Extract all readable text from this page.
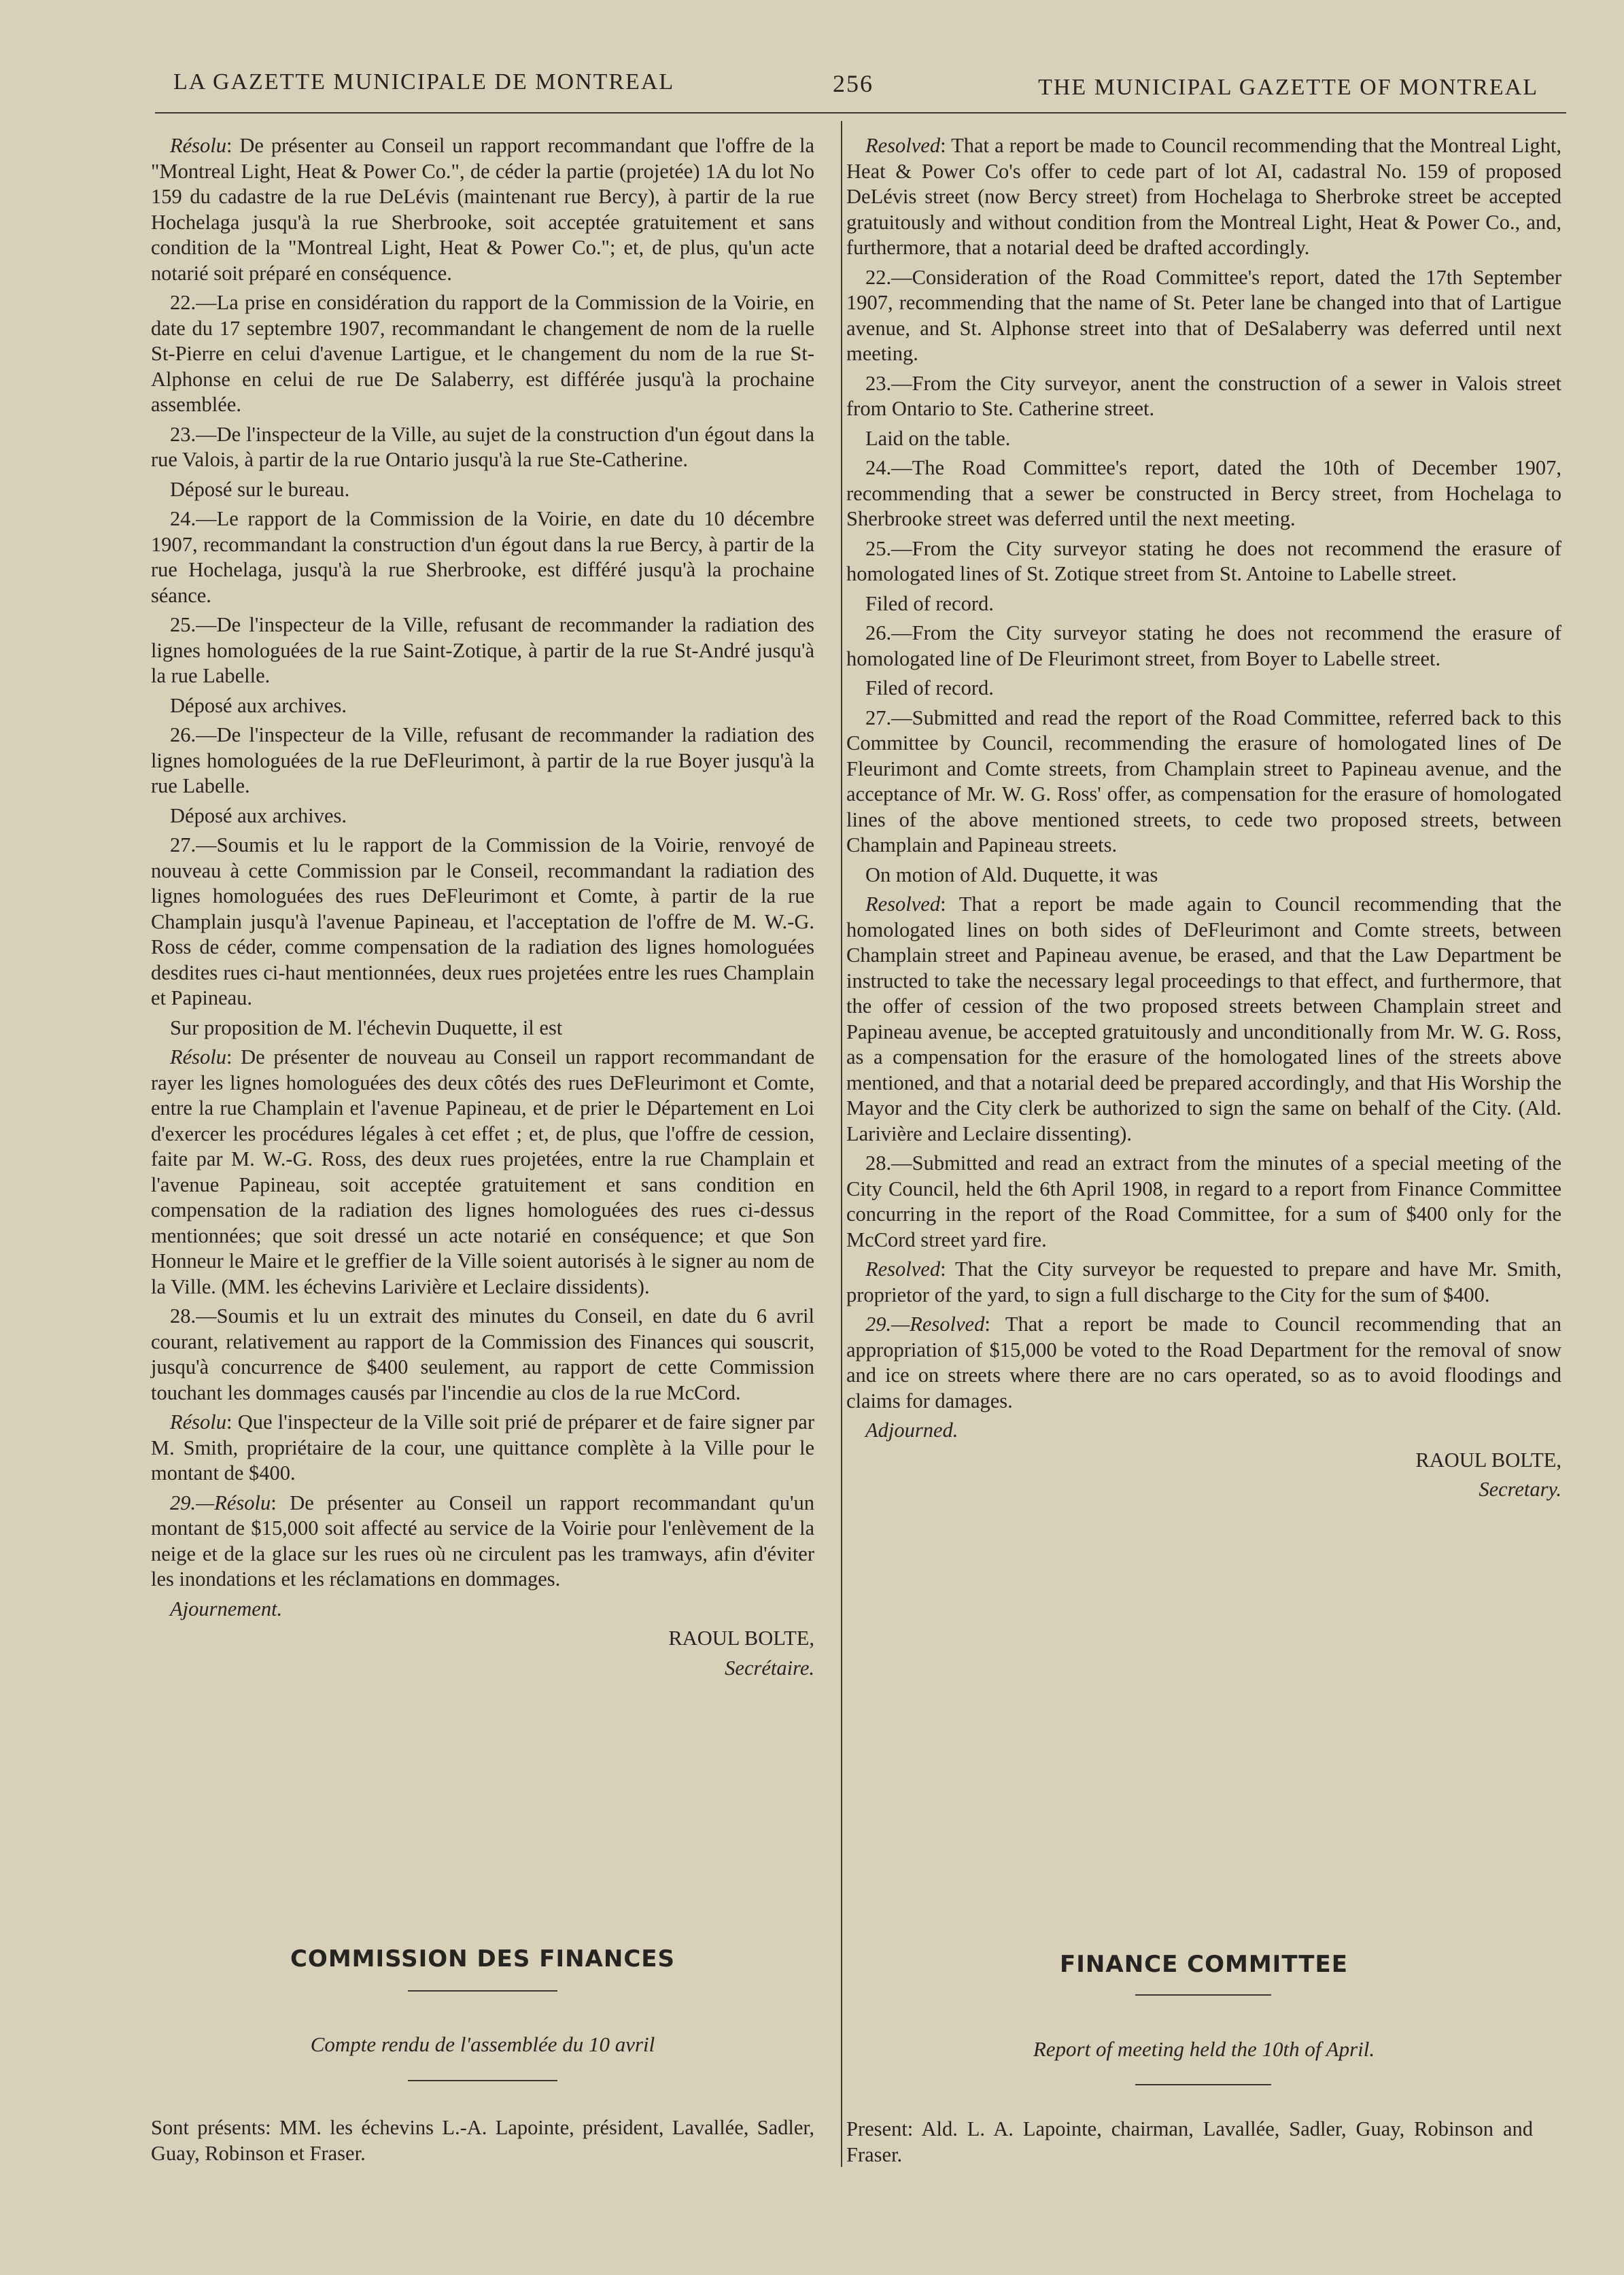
LA GAZETTE MUNICIPALE DE MONTREAL	256	THE MUNICIPAL GAZETTE OF MONTREAL

Résolu: De présenter au Conseil un rapport recommandant que l'offre de la "Montreal Light, Heat & Power Co.", de céder la partie (projetée) 1A du lot No 159 du cadastre de la rue DeLévis (maintenant rue Bercy), à partir de la rue Hochelaga jusqu'à la rue Sherbrooke, soit acceptée gratuitement et sans condition de la "Montreal Light, Heat & Power Co."; et, de plus, qu'un acte notarié soit préparé en conséquence.

22.—La prise en considération du rapport de la Commission de la Voirie, en date du 17 septembre 1907, recommandant le changement de nom de la ruelle St-Pierre en celui d'avenue Lartigue, et le changement du nom de la rue St-Alphonse en celui de rue De Salaberry, est différée jusqu'à la prochaine assemblée.

23.—De l'inspecteur de la Ville, au sujet de la construction d'un égout dans la rue Valois, à partir de la rue Ontario jusqu'à la rue Ste-Catherine.

Déposé sur le bureau.

24.—Le rapport de la Commission de la Voirie, en date du 10 décembre 1907, recommandant la construction d'un égout dans la rue Bercy, à partir de la rue Hochelaga, jusqu'à la rue Sherbrooke, est différé jusqu'à la prochaine séance.

25.—De l'inspecteur de la Ville, refusant de recommander la radiation des lignes homologuées de la rue Saint-Zotique, à partir de la rue St-André jusqu'à la rue Labelle.

Déposé aux archives.

26.—De l'inspecteur de la Ville, refusant de recommander la radiation des lignes homologuées de la rue DeFleurimont, à partir de la rue Boyer jusqu'à la rue Labelle.

Déposé aux archives.

27.—Soumis et lu le rapport de la Commission de la Voirie, renvoyé de nouveau à cette Commission par le Conseil, recommandant la radiation des lignes homologuées des rues DeFleurimont et Comte, à partir de la rue Champlain jusqu'à l'avenue Papineau, et l'acceptation de l'offre de M. W.-G. Ross de céder, comme compensation de la radiation des lignes homologuées desdites rues ci-haut mentionnées, deux rues projetées entre les rues Champlain et Papineau.

Sur proposition de M. l'échevin Duquette, il est

Résolu: De présenter de nouveau au Conseil un rapport recommandant de rayer les lignes homologuées des deux côtés des rues DeFleurimont et Comte, entre la rue Champlain et l'avenue Papineau, et de prier le Département en Loi d'exercer les procédures légales à cet effet ; et, de plus, que l'offre de cession, faite par M. W.-G. Ross, des deux rues projetées, entre la rue Champlain et l'avenue Papineau, soit acceptée gratuitement et sans condition en compensation de la radiation des lignes homologuées des rues ci-dessus mentionnées; que soit dressé un acte notarié en conséquence; et que Son Honneur le Maire et le greffier de la Ville soient autorisés à le signer au nom de la Ville. (MM. les échevins Larivière et Leclaire dissidents).

28.—Soumis et lu un extrait des minutes du Conseil, en date du 6 avril courant, relativement au rapport de la Commission des Finances qui souscrit, jusqu'à concurrence de $400 seulement, au rapport de cette Commission touchant les dommages causés par l'incendie au clos de la rue McCord.

Résolu: Que l'inspecteur de la Ville soit prié de préparer et de faire signer par M. Smith, propriétaire de la cour, une quittance complète à la Ville pour le montant de $400.

29.—Résolu: De présenter au Conseil un rapport recommandant qu'un montant de $15,000 soit affecté au service de la Voirie pour l'enlèvement de la neige et de la glace sur les rues où ne circulent pas les tramways, afin d'éviter les inondations et les réclamations en dommages.

Ajournement.

RAOUL BOLTE,

Secrétaire.

Resolved: That a report be made to Council recommending that the Montreal Light, Heat & Power Co's offer to cede part of lot AI, cadastral No. 159 of proposed DeLévis street (now Bercy street) from Hochelaga to Sherbroke street be accepted gratuitously and without condition from the Montreal Light, Heat & Power Co., and, furthermore, that a notarial deed be drafted accordingly.

22.—Consideration of the Road Committee's report, dated the 17th September 1907, recommending that the name of St. Peter lane be changed into that of Lartigue avenue, and St. Alphonse street into that of DeSalaberry was deferred until next meeting.

23.—From the City surveyor, anent the construction of a sewer in Valois street from Ontario to Ste. Catherine street.

Laid on the table.

24.—The Road Committee's report, dated the 10th of December 1907, recommending that a sewer be constructed in Bercy street, from Hochelaga to Sherbrooke street was deferred until the next meeting.

25.—From the City surveyor stating he does not recommend the erasure of homologated lines of St. Zotique street from St. Antoine to Labelle street.

Filed of record.

26.—From the City surveyor stating he does not recommend the erasure of homologated line of De Fleurimont street, from Boyer to Labelle street.

Filed of record.

27.—Submitted and read the report of the Road Committee, referred back to this Committee by Council, recommending the erasure of homologated lines of De Fleurimont and Comte streets, from Champlain street to Papineau avenue, and the acceptance of Mr. W. G. Ross' offer, as compensation for the erasure of homologated lines of the above mentioned streets, to cede two proposed streets, between Champlain and Papineau streets.

On motion of Ald. Duquette, it was

Resolved: That a report be made again to Council recommending that the homologated lines on both sides of DeFleurimont and Comte streets, between Champlain street and Papineau avenue, be erased, and that the Law Department be instructed to take the necessary legal proceedings to that effect, and furthermore, that the offer of cession of the two proposed streets between Champlain street and Papineau avenue, be accepted gratuitously and unconditionally from Mr. W. G. Ross, as a compensation for the erasure of the homologated lines of the streets above mentioned, and that a notarial deed be prepared accordingly, and that His Worship the Mayor and the City clerk be authorized to sign the same on behalf of the City. (Ald. Larivière and Leclaire dissenting).

28.—Submitted and read an extract from the minutes of a special meeting of the City Council, held the 6th April 1908, in regard to a report from Finance Committee concurring in the report of the Road Committee, for a sum of $400 only for the McCord street yard fire.

Resolved: That the City surveyor be requested to prepare and have Mr. Smith, proprietor of the yard, to sign a full discharge to the City for the sum of $400.

29.—Resolved: That a report be made to Council recommending that an appropriation of $15,000 be voted to the Road Department for the removal of snow and ice on streets where there are no cars operated, so as to avoid floodings and claims for damages.

Adjourned.

RAOUL BOLTE,

Secretary.

COMMISSION DES FINANCES
Compte rendu de l'assemblée du 10 avril
Sont présents: MM. les échevins L.-A. Lapointe, président, Lavallée, Sadler, Guay, Robinson et Fraser.
FINANCE COMMITTEE
Report of meeting held the 10th of April.
Present: Ald. L. A. Lapointe, chairman, Lavallée, Sadler, Guay, Robinson and Fraser.
